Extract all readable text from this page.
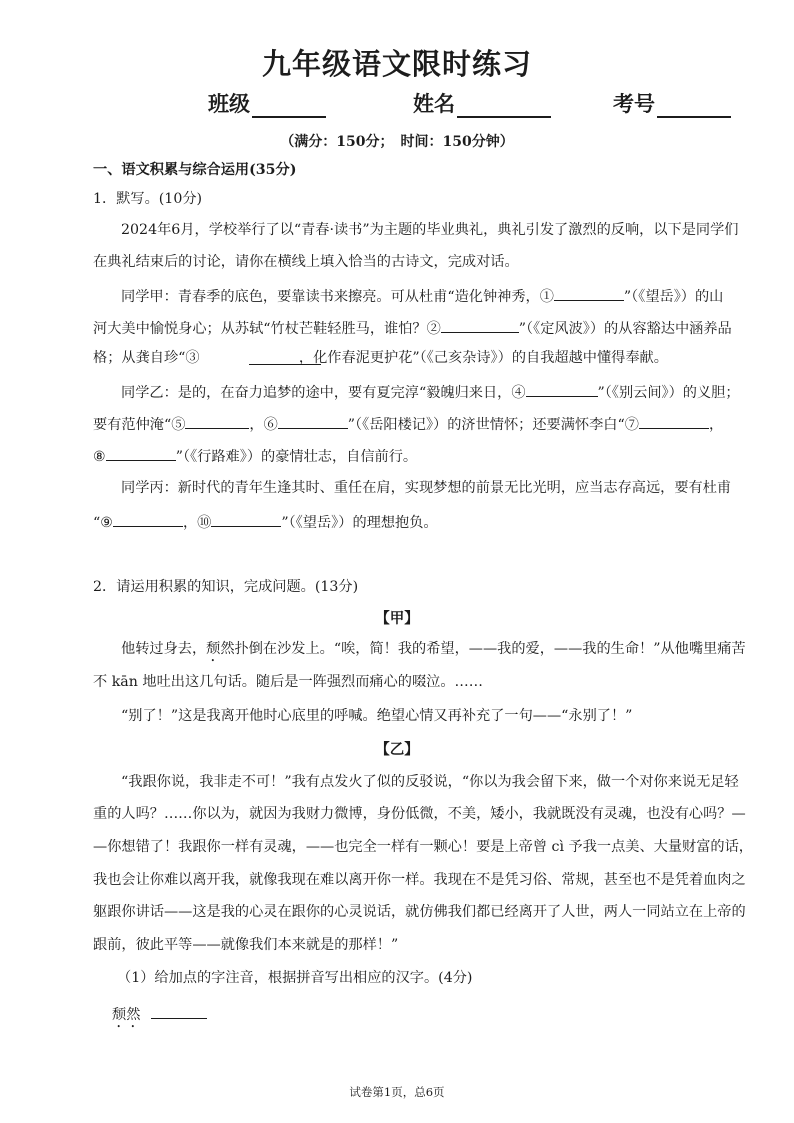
九年级语文限时练习
班级	姓名	考号
（满分：150分；　时间：150分钟）
一、语文积累与综合运用(35分)
1．默写。(10分)
2024年6月，学校举行了以“青春·读书”为主题的毕业典礼，典礼引发了激烈的反响，以下是同学们
在典礼结束后的讨论，请你在横线上填入恰当的古诗文，完成对话。
同学甲：青春季的底色，要靠读书来擦亮。可从杜甫“造化钟神秀，①	”（《望岳》）的山
河大美中愉悦身心；从苏轼“竹杖芒鞋轻胜马，谁怕？②	”（《定风波》）的从容豁达中涵养品
格；从龚自珍“③　　　　　　　，化作春泥更护花”（《己亥杂诗》）的自我超越中懂得奉献。
同学乙：是的，在奋力追梦的途中，要有夏完淳“毅魄归来日，④	”（《别云间》）的义胆；
要有范仲淹“⑤	，⑥	”（《岳阳楼记》）的济世情怀；还要满怀李白“⑦	，
⑧	”（《行路难》）的豪情壮志，自信前行。
同学丙：新时代的青年生逢其时、重任在肩，实现梦想的前景无比光明，应当志存高远，要有杜甫
“⑨	，⑩	”（《望岳》）的理想抱负。
2．请运用积累的知识，完成问题。(13分)
【甲】
他转过身去，颓然扑倒在沙发上。“唉，简！我的希望，——我的爱，——我的生命！”从他嘴里痛苦
不 kān 地吐出这几句话。随后是一阵强烈而痛心的啜泣。……
“别了！”这是我离开他时心底里的呼喊。绝望心情又再补充了一句——“永别了！”
【乙】
“我跟你说，我非走不可！”我有点发火了似的反驳说，“你以为我会留下来，做一个对你来说无足轻
重的人吗？……你以为，就因为我财力微博，身份低微，不美，矮小，我就既没有灵魂，也没有心吗？—
—你想错了！我跟你一样有灵魂，——也完全一样有一颗心！要是上帝曾 cì 予我一点美、大量财富的话，
我也会让你难以离开我，就像我现在难以离开你一样。我现在不是凭习俗、常规，甚至也不是凭着血肉之
躯跟你讲话——这是我的心灵在跟你的心灵说话，就仿佛我们都已经离开了人世，两人一同站立在上帝的
跟前，彼此平等——就像我们本来就是的那样！”
（1）给加点的字注音，根据拼音写出相应的汉字。(4分)
颓然
试卷第1页，总6页
